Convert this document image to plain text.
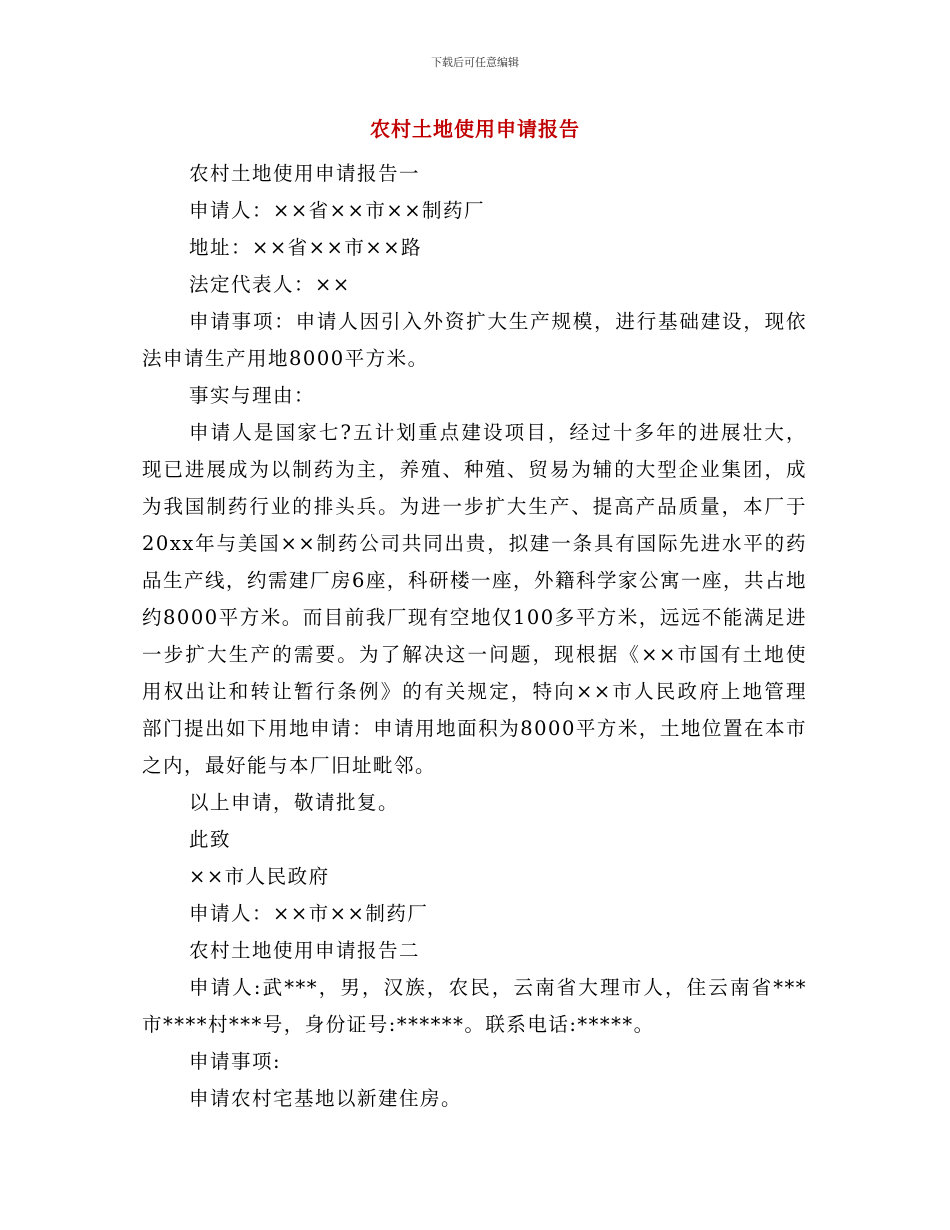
下载后可任意编辑
农村土地使用申请报告

农村土地使用申请报告一

申请人：××省××市××制药厂

地址：××省××市××路

法定代表人：××

申请事项：申请人因引入外资扩大生产规模，进行基础建设，现依法申请生产用地8000平方米。

事实与理由：

申请人是国家七?五计划重点建设项目，经过十多年的进展壮大，现已进展成为以制药为主，养殖、种殖、贸易为辅的大型企业集团，成为我国制药行业的排头兵。为进一步扩大生产、提高产品质量，本厂于20xx年与美国××制药公司共同出贵，拟建一条具有国际先进水平的药品生产线，约需建厂房6座，科研楼一座，外籍科学家公寓一座，共占地约8000平方米。而目前我厂现有空地仅100多平方米，远远不能满足进一步扩大生产的需要。为了解决这一问题，现根据《××市国有土地使用权出让和转让暂行条例》的有关规定，特向××市人民政府上地管理部门提出如下用地申请：申请用地面积为8000平方米，土地位置在本市之内，最好能与本厂旧址毗邻。

以上申请，敬请批复。

此致

××市人民政府

申请人：××市××制药厂

农村土地使用申请报告二

申请人:武***，男，汉族，农民，云南省大理市人，住云南省***市****村***号，身份证号:******。联系电话:*****。

申请事项:

申请农村宅基地以新建住房。
